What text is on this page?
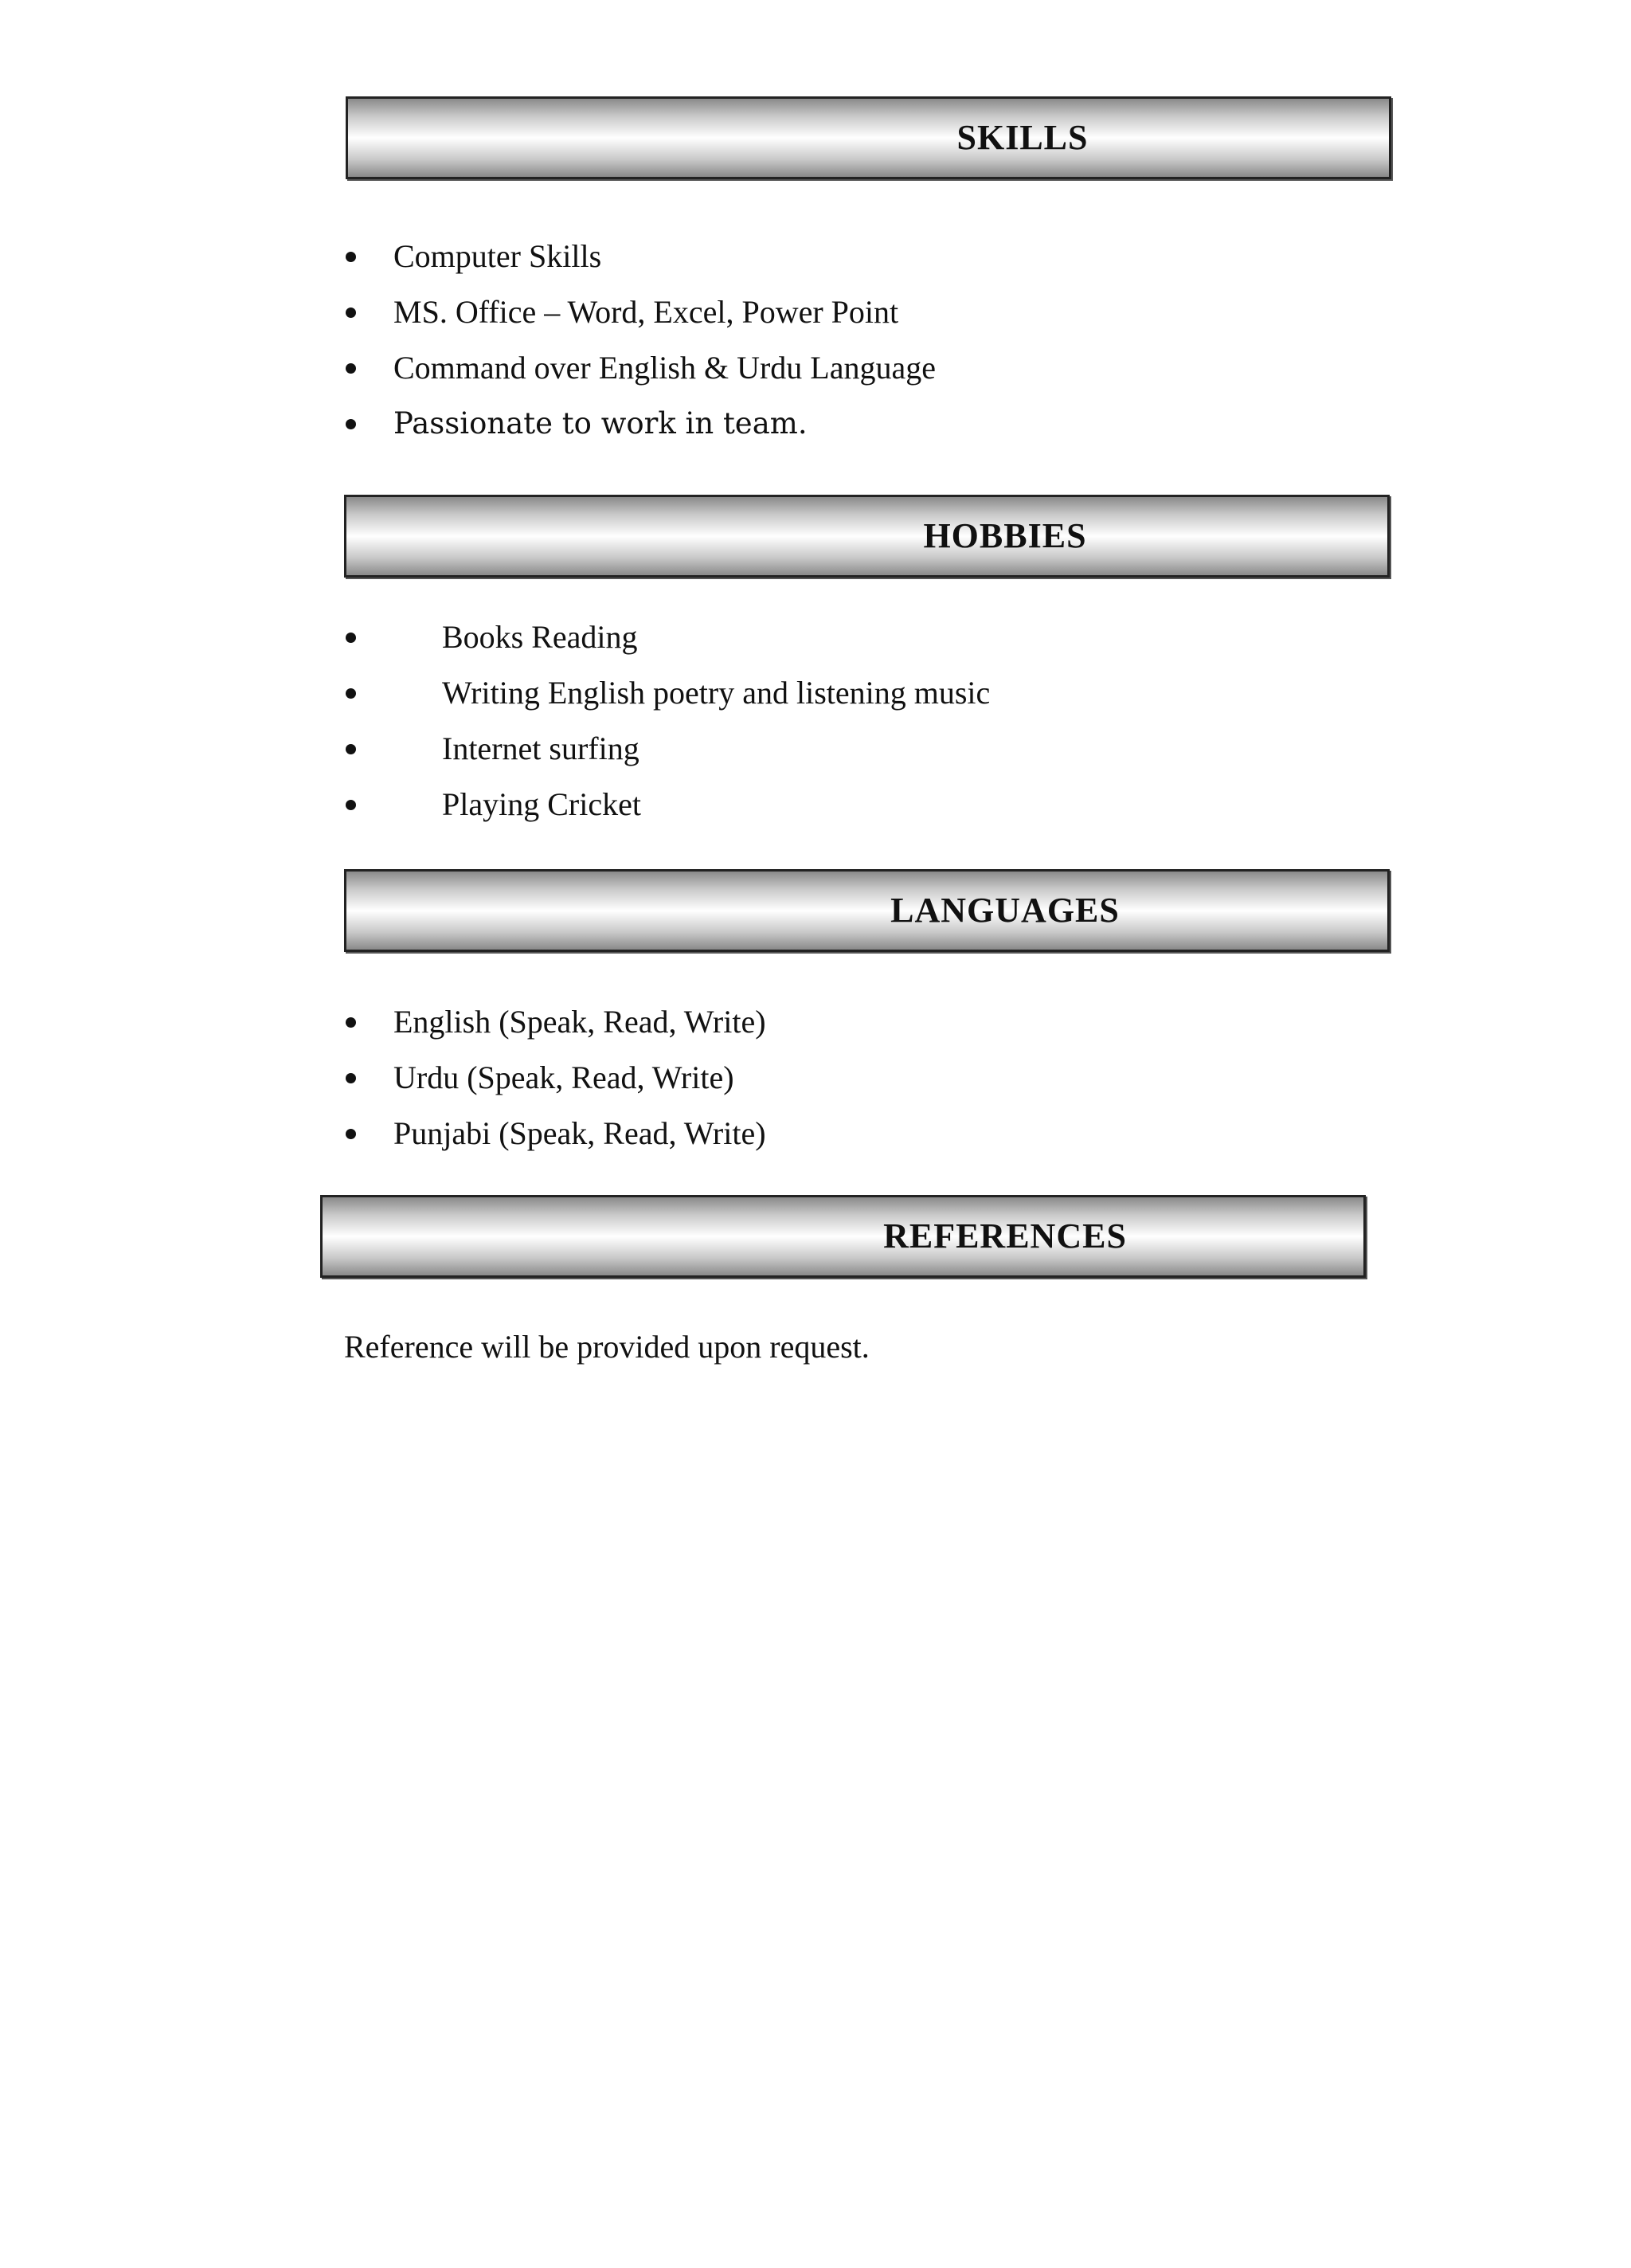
SKILLS
Computer Skills
MS. Office – Word, Excel, Power Point
Command over English & Urdu Language
Passionate to work in team.
HOBBIES
Books Reading
Writing English poetry and listening music
Internet surfing
Playing Cricket
LANGUAGES
English (Speak, Read, Write)
Urdu (Speak, Read, Write)
Punjabi (Speak, Read, Write)
REFERENCES

Reference will be provided upon request.
